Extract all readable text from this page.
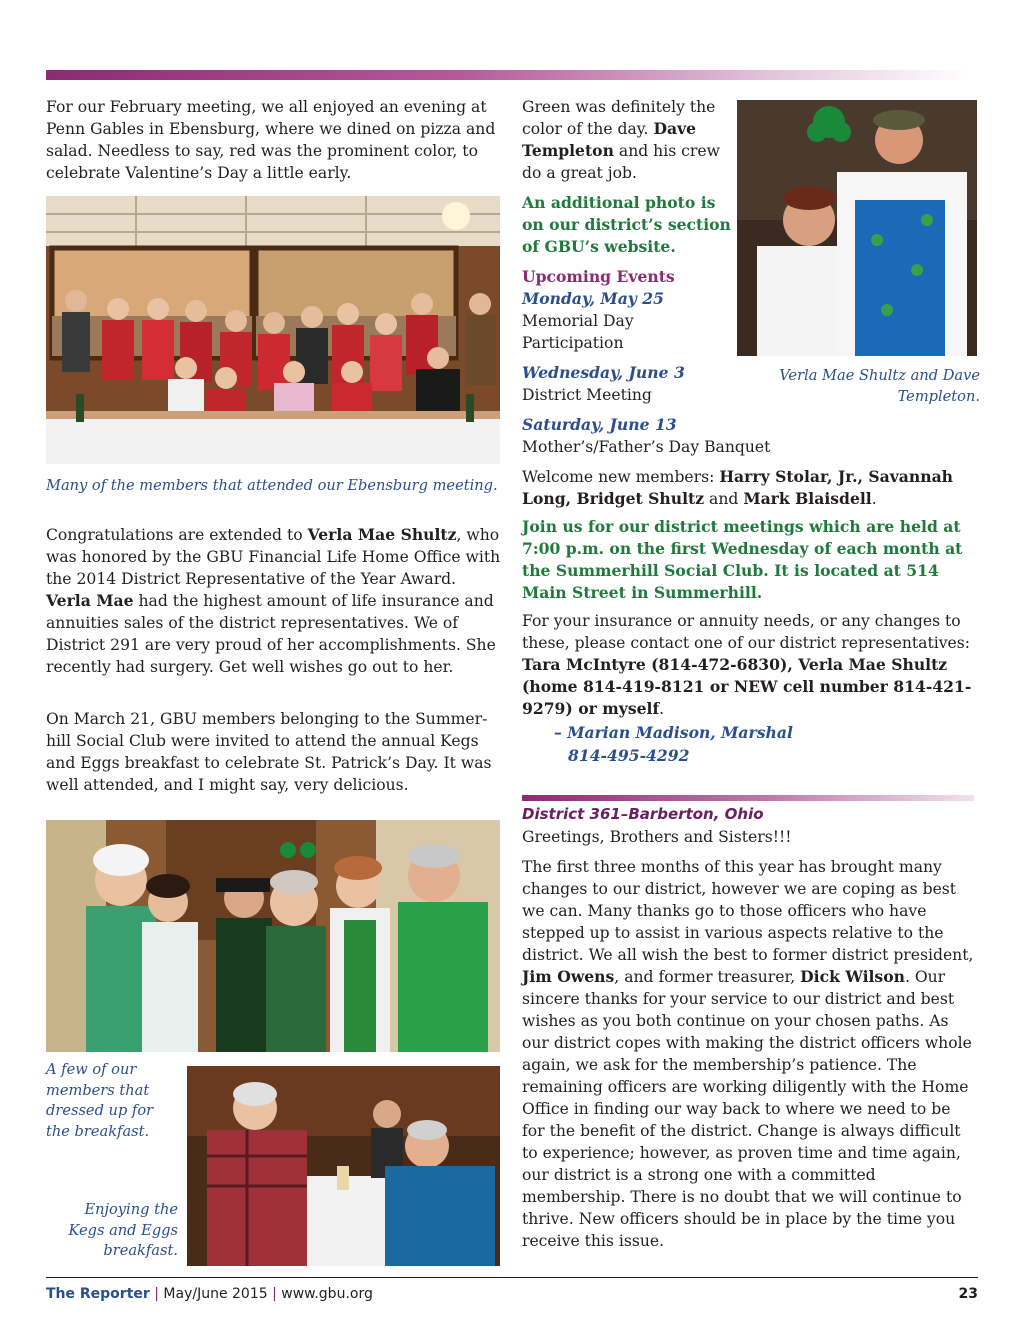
For our February meeting, we all enjoyed an evening at Penn Gables in Ebensburg, where we dined on pizza and salad. Needless to say, red was the prominent color, to celebrate Valentine’s Day a little early.
Many of the members that attended our Ebensburg meeting.
Congratulations are extended to Verla Mae Shultz, who was honored by the GBU Financial Life Home Office with the 2014 District Representative of the Year Award. Verla Mae had the highest amount of life insurance and annuities sales of the district representatives. We of District 291 are very proud of her accomplishments. She recently had surgery. Get well wishes go out to her.
On March 21, GBU members belonging to the Summerhill Social Club were invited to attend the annual Kegs and Eggs breakfast to celebrate St. Patrick’s Day. It was well attended, and I might say, very delicious.
A few of our members that dressed up for the breakfast.
Enjoying the Kegs and Eggs breakfast.
Green was definitely the color of the day. Dave Templeton and his crew do a great job.
An additional photo is on our district’s section of GBU’s website.
Upcoming Events
Monday, May 25
Memorial Day Participation
Wednesday, June 3
District Meeting
Saturday, June 13
Mother’s/Father’s Day Banquet
Verla Mae Shultz and Dave Templeton.
Welcome new members: Harry Stolar, Jr., Savannah Long, Bridget Shultz and Mark Blaisdell.
Join us for our district meetings which are held at 7:00 p.m. on the first Wednesday of each month at the Summerhill Social Club. It is located at 514 Main Street in Summerhill.
For your insurance or annuity needs, or any changes to these, please contact one of our district representatives: Tara McIntyre (814-472-6830), Verla Mae Shultz (home 814-419-8121 or NEW cell number 814-421-9279) or myself.
– Marian Madison, Marshal
814-495-4292
District 361–Barberton, Ohio
Greetings, Brothers and Sisters!!!
The first three months of this year has brought many changes to our district, however we are coping as best we can. Many thanks go to those officers who have stepped up to assist in various aspects relative to the district. We all wish the best to former district president, Jim Owens, and former treasurer, Dick Wilson. Our sincere thanks for your service to our district and best wishes as you both continue on your chosen paths. As our district copes with making the district officers whole again, we ask for the membership’s patience. The remaining officers are working diligently with the Home Office in finding our way back to where we need to be for the benefit of the district. Change is always difficult to experience; however, as proven time and time again, our district is a strong one with a committed membership. There is no doubt that we will continue to thrive. New officers should be in place by the time you receive this issue.
The Reporter | May/June 2015 | www.gbu.org	23
